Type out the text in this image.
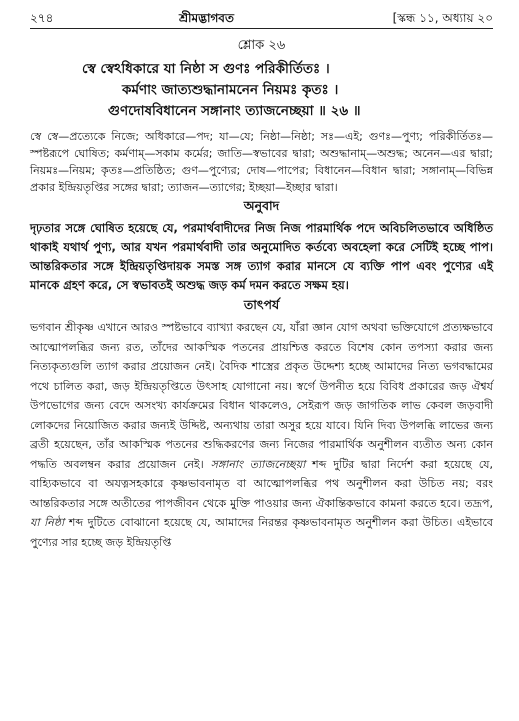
২৭৪	শ্রীমদ্ভাগবত	[স্কন্ধ ১১, অধ্যায় ২০
শ্লোক ২৬
স্বে স্বেঽধিকারে যা নিষ্ঠা স গুণঃ পরিকীর্তিতঃ ।
কর্মণাং জাত্যশুদ্ধানামনেন নিয়মঃ কৃতঃ ।
গুণদোষবিধানেন সঙ্গানাং ত্যাজনেচ্ছয়া ॥ ২৬ ॥
স্বে স্বে—প্রত্যেকে নিজে; অধিকারে—পদ; যা—যে; নিষ্ঠা—নিষ্ঠা; সঃ—এই; গুণঃ—পুণ্য; পরিকীর্তিতঃ—স্পষ্টরূপে ঘোষিত; কর্মণাম্—সকাম কর্মের; জাতি—স্বভাবের দ্বারা; অশুদ্ধানাম্—অশুদ্ধ; অনেন—এর দ্বারা; নিয়মঃ—নিয়ম; কৃতঃ—প্রতিষ্ঠিত; গুণ—পুণ্যের; দোষ—পাপের; বিধানেন—বিধান দ্বারা; সঙ্গানাম্—বিভিন্ন প্রকার ইন্দ্রিয়তৃপ্তির সঙ্গের দ্বারা; ত্যাজন—ত্যাগের; ইচ্ছয়া—ইচ্ছার দ্বারা।
অনুবাদ
দৃঢ়তার সঙ্গে ঘোষিত হয়েছে যে, পরমার্থবাদীদের নিজ নিজ পারমার্থিক পদে অবিচলিতভাবে অধিষ্ঠিত থাকাই যথার্থ পুণ্য, আর যখন পরমার্থবাদী তার অনুমোদিত কর্তব্যে অবহেলা করে সেটিই হচ্ছে পাপ। আন্তরিকতার সঙ্গে ইন্দ্রিয়তৃপ্তিদায়ক সমস্ত সঙ্গ ত্যাগ করার মানসে যে ব্যক্তি পাপ এবং পুণ্যের এই মানকে গ্রহণ করে, সে স্বভাবতই অশুদ্ধ জড় কর্ম দমন করতে সক্ষম হয়।
তাৎপর্য
ভগবান শ্রীকৃষ্ণ এখানে আরও স্পষ্টভাবে ব্যাখ্যা করছেন যে, যাঁরা জ্ঞান যোগ অথবা ভক্তিযোগে প্রত্যক্ষভাবে আত্মোপলব্ধির জন্য রত, তাঁদের আকস্মিক পতনের প্রায়শ্চিত্ত করতে বিশেষ কোন তপস্যা করার জন্য নিত্যকৃত্যগুলি ত্যাগ করার প্রয়োজন নেই। বৈদিক শাস্ত্রের প্রকৃত উদ্দেশ্য হচ্ছে আমাদের নিত্য ভগবদ্ধামের পথে চালিত করা, জড় ইন্দ্রিয়তৃপ্তিতে উৎসাহ যোগানো নয়। স্বর্গে উপনীত হয়ে বিবিধ প্রকারের জড় ঐশ্বর্য উপভোগের জন্য বেদে অসংখ্য কার্যক্রমের বিধান থাকলেও, সেইরূপ জড় জাগতিক লাভ কেবল জড়বাদী লোকদের নিয়োজিত করার জন্যই উদ্দিষ্ট, অন্যথায় তারা অসুর হয়ে যাবে। যিনি দিব্য উপলব্ধি লাভের জন্য ব্রতী হয়েছেন, তাঁর আকস্মিক পতনের শুদ্ধিকরণের জন্য নিজের পারমার্থিক অনুশীলন ব্যতীত অন্য কোন পদ্ধতি অবলম্বন করার প্রয়োজন নেই। সঙ্গানাং ত্যাজনেচ্ছয়া শব্দ দুটির দ্বারা নির্দেশ করা হয়েছে যে, বাহ্যিকভাবে বা অযত্নসহকারে কৃষ্ণভাবনামৃত বা আত্মোপলব্ধির পথ অনুশীলন করা উচিত নয়; বরং আন্তরিকতার সঙ্গে অতীতের পাপজীবন থেকে মুক্তি পাওয়ার জন্য ঐকান্তিকভাবে কামনা করতে হবে। তদ্রূপ, যা নিষ্ঠা শব্দ দুটিতে বোঝানো হয়েছে যে, আমাদের নিরন্তর কৃষ্ণভাবনামৃত অনুশীলন করা উচিত। এইভাবে পুণ্যের সার হচ্ছে জড় ইন্দ্রিয়তৃপ্তি
